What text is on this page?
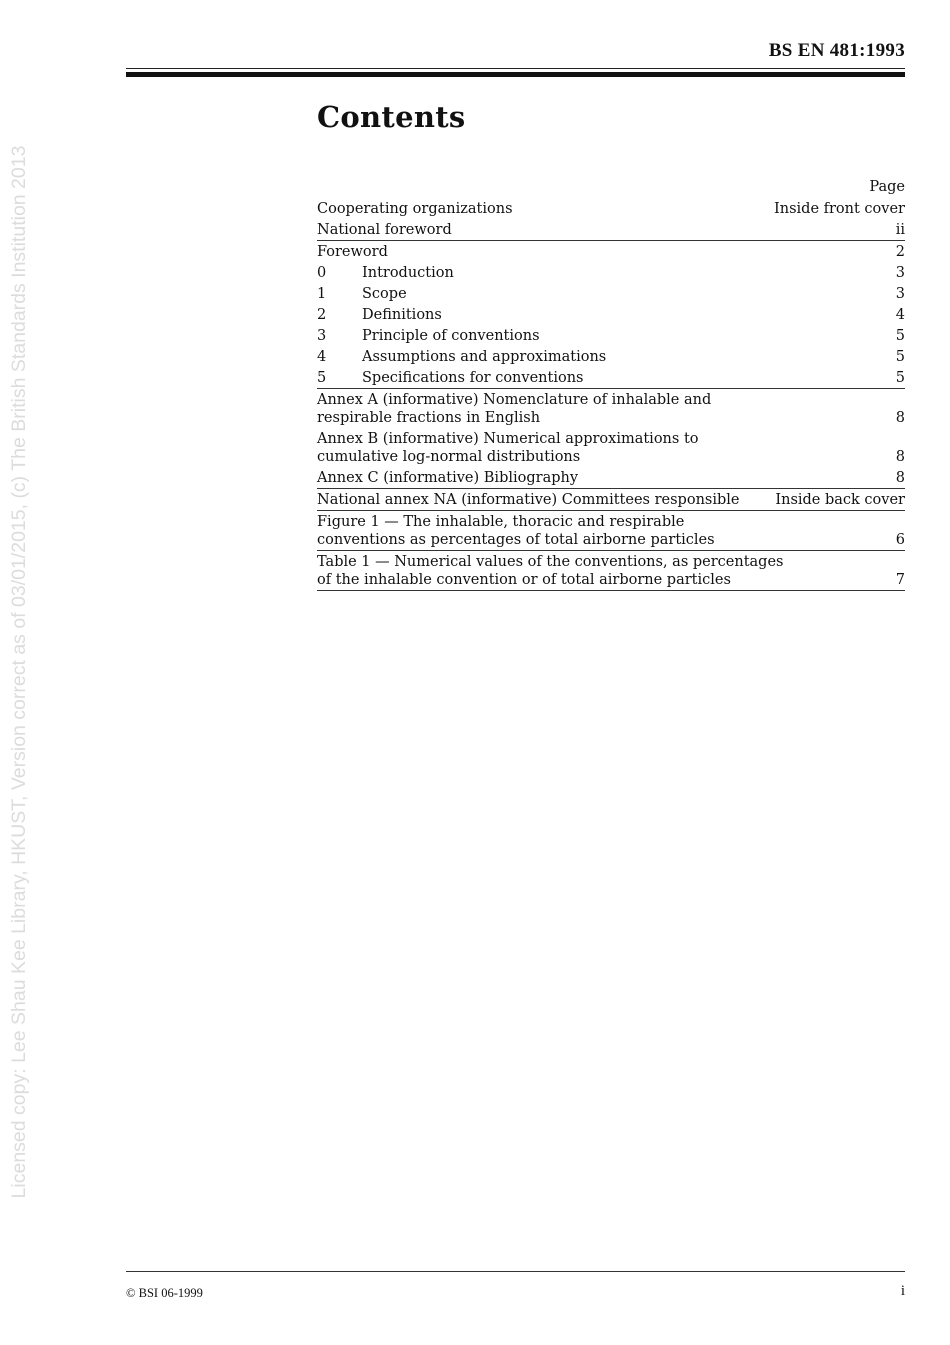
Licensed copy: Lee Shau Kee Library, HKUST, Version correct as of 03/01/2015, (c) The British Standards Institution 2013
BS EN 481:1993
Contents
Page
Cooperating organizations	Inside front cover
National foreword	ii
Foreword	2
0 Introduction	3
1 Scope	3
2 Definitions	4
3 Principle of conventions	5
4 Assumptions and approximations	5
5 Specifications for conventions	5
Annex A (informative) Nomenclature of inhalable and respirable fractions in English	8
Annex B (informative) Numerical approximations to cumulative log-normal distributions	8
Annex C (informative) Bibliography	8
National annex NA (informative) Committees responsible	Inside back cover
Figure 1 — The inhalable, thoracic and respirable conventions as percentages of total airborne particles	6
Table 1 — Numerical values of the conventions, as percentages of the inhalable convention or of total airborne particles	7
© BSI 06-1999	i
